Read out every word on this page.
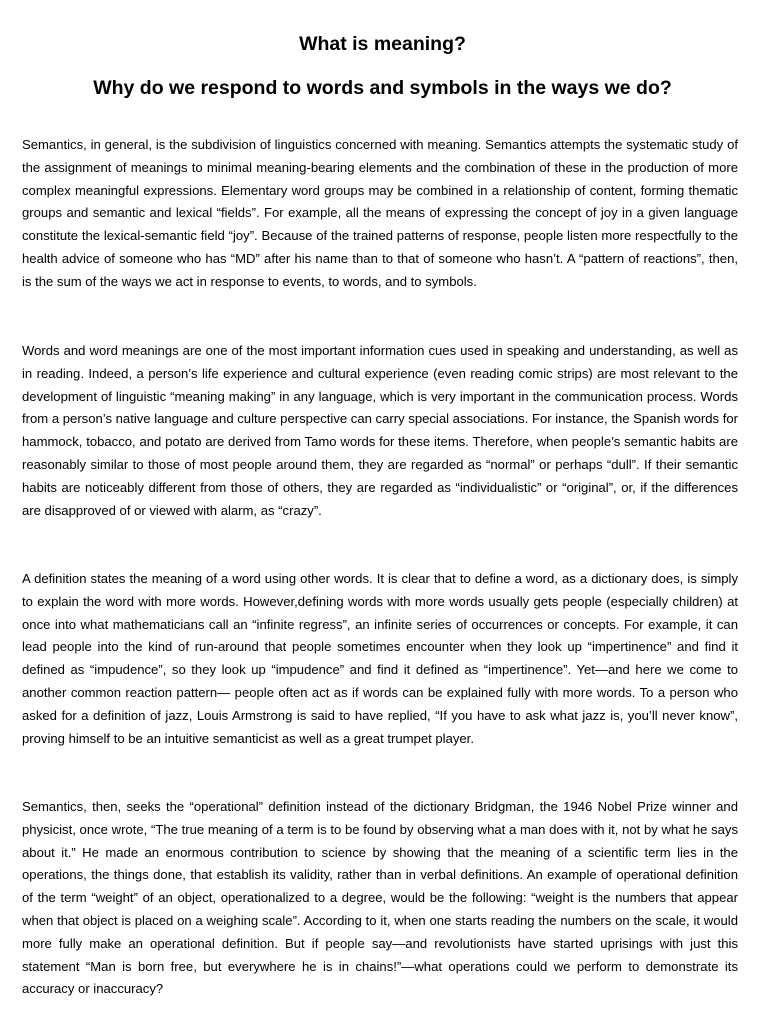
What is meaning?
Why do we respond to words and symbols in the ways we do?

Semantics, in general, is the subdivision of linguistics concerned with meaning. Semantics attempts the systematic study of the assignment of meanings to minimal meaning-bearing elements and the combination of these in the production of more complex meaningful expressions. Elementary word groups may be combined in a relationship of content, forming thematic groups and semantic and lexical “fields”. For example, all the means of expressing the concept of joy in a given language constitute the lexical-semantic field “joy”. Because of the trained patterns of response, people listen more respectfully to the health advice of someone who has “MD” after his name than to that of someone who hasn’t. A “pattern of reactions”, then, is the sum of the ways we act in response to events, to words, and to symbols.

Words and word meanings are one of the most important information cues used in speaking and understanding, as well as in reading. Indeed, a person’s life experience and cultural experience (even reading comic strips) are most relevant to the development of linguistic “meaning making” in any language, which is very important in the communication process. Words from a person’s native language and culture perspective can carry special associations. For instance, the Spanish words for hammock, tobacco, and potato are derived from Tamo words for these items. Therefore, when people’s semantic habits are reasonably similar to those of most people around them, they are regarded as “normal” or perhaps “dull”. If their semantic habits are noticeably different from those of others, they are regarded as “individualistic” or “original”, or, if the differences are disapproved of or viewed with alarm, as “crazy”.

A definition states the meaning of a word using other words. It is clear that to define a word, as a dictionary does, is simply to explain the word with more words. However,defining words with more words usually gets people (especially children) at once into what mathematicians call an “infinite regress”, an infinite series of occurrences or concepts. For example, it can lead people into the kind of run-around that people sometimes encounter when they look up “impertinence” and find it defined as “impudence”, so they look up “impudence” and find it defined as “impertinence”. Yet—and here we come to another common reaction pattern— people often act as if words can be explained fully with more words. To a person who asked for a definition of jazz, Louis Armstrong is said to have replied, “If you have to ask what jazz is, you’ll never know”, proving himself to be an intuitive semanticist as well as a great trumpet player.

Semantics, then, seeks the “operational” definition instead of the dictionary Bridgman, the 1946 Nobel Prize winner and physicist, once wrote, “The true meaning of a term is to be found by observing what a man does with it, not by what he says about it.” He made an enormous contribution to science by showing that the meaning of a scientific term lies in the operations, the things done, that establish its validity, rather than in verbal definitions. An example of operational definition of the term “weight” of an object, operationalized to a degree, would be the following: “weight is the numbers that appear when that object is placed on a weighing scale”. According to it, when one starts reading the numbers on the scale, it would more fully make an operational definition. But if people say—and revolutionists have started uprisings with just this statement “Man is born free, but everywhere he is in chains!”—what operations could we perform to demonstrate its accuracy or inaccuracy?
